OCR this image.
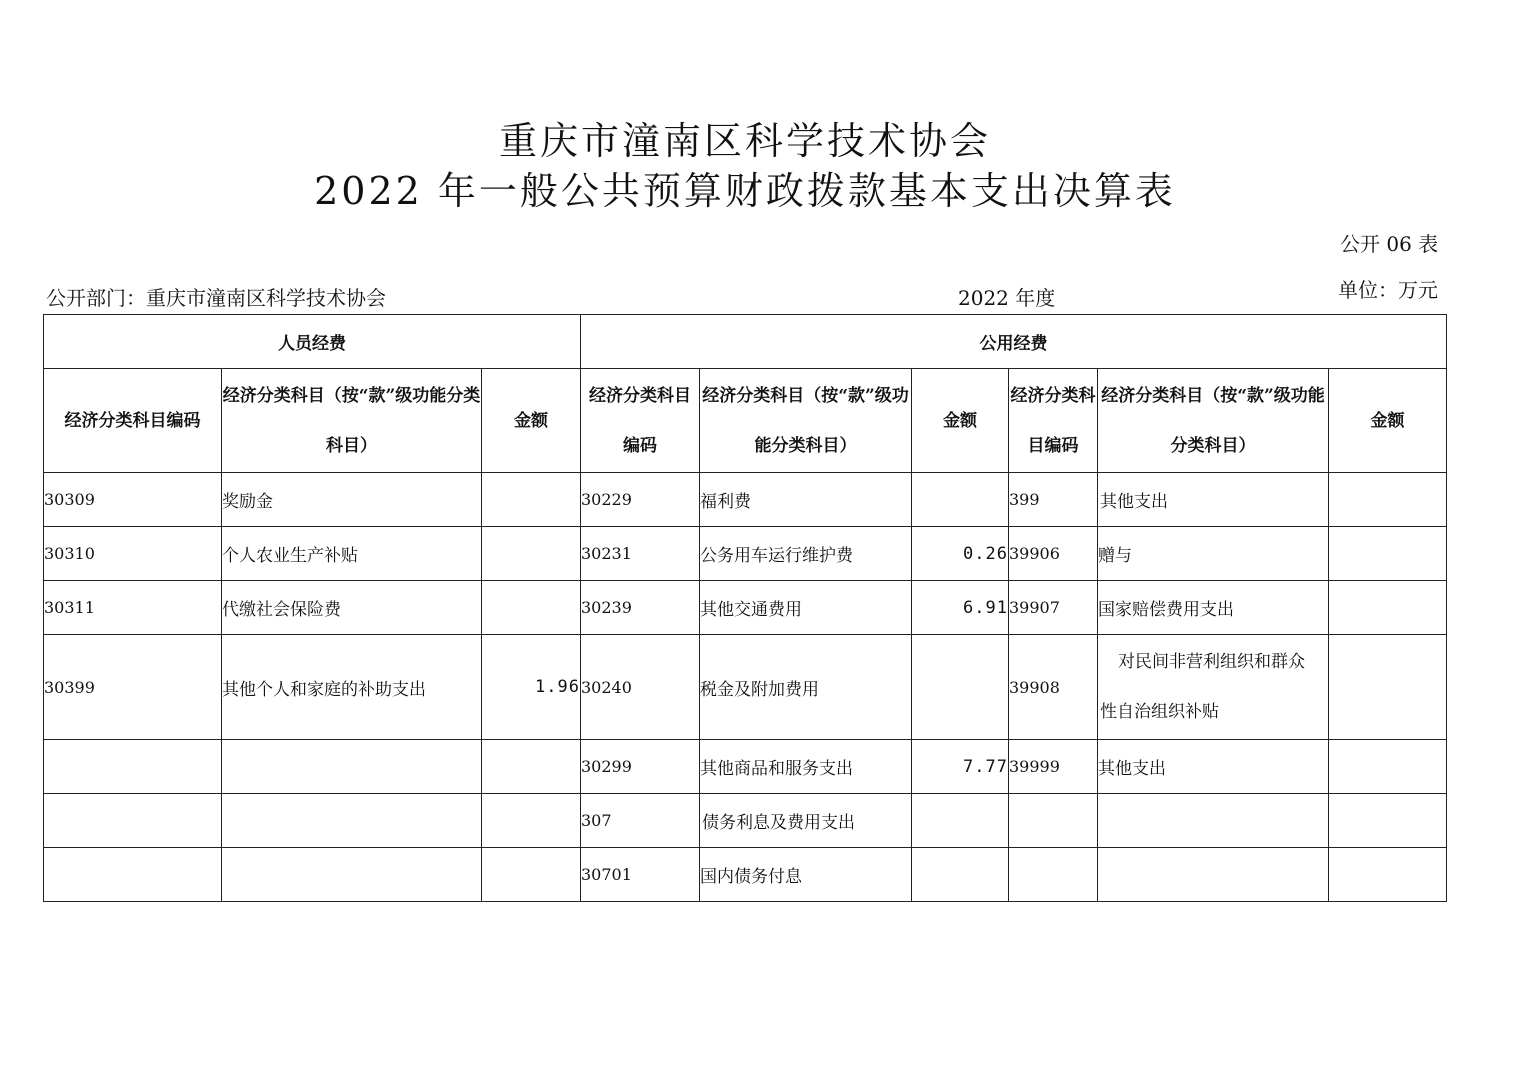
重庆市潼南区科学技术协会
2022 年一般公共预算财政拨款基本支出决算表
公开 06 表
公开部门：重庆市潼南区科学技术协会	2022 年度	单位：万元
人员经费			公用经费					
经济分类科目编码	经济分类科目（按“款”级功能分类科目）	金额	经济分类科目编码	经济分类科目（按“款”级功能分类科目）	金额	经济分类科目编码	经济分类科目（按“款”级功能分类科目）	金额
30309	奖励金		30229	福利费		399	其他支出	
30310	个人农业生产补贴		30231	公务用车运行维护费	0.26	39906	赠与	
30311	代缴社会保险费		30239	其他交通费用	6.91	39907	国家赔偿费用支出	
30399	其他个人和家庭的补助支出	1.96	30240	税金及附加费用		39908	对民间非营利组织和群众
性自治组织补贴	

			30299	其他商品和服务支出	7.77	39999	其他支出	
			307	债务利息及费用支出				
			30701	国内债务付息				
